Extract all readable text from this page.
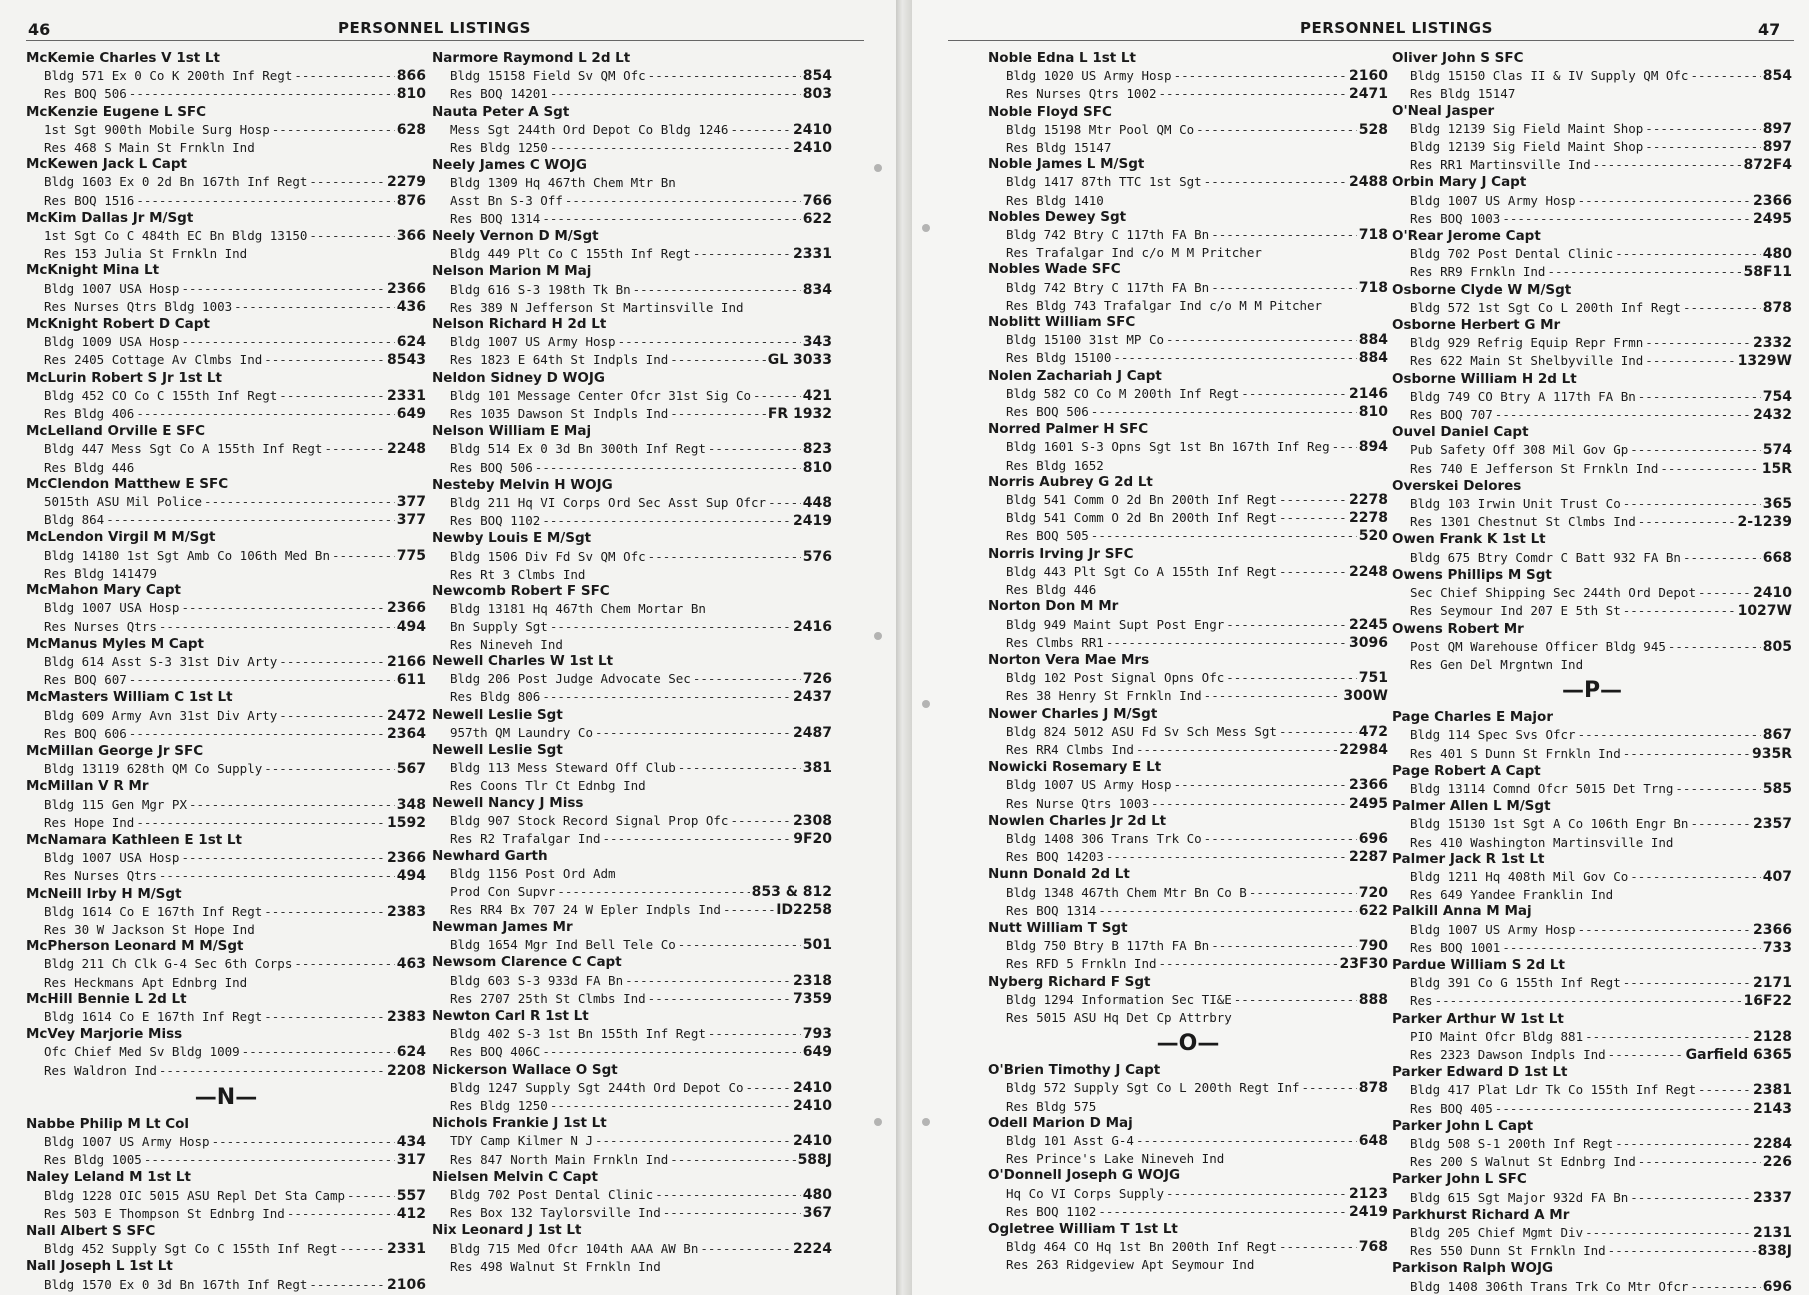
46	PERSONNEL LISTINGS
McKemie Charles V 1st Lt
Bldg 571 Ex 0 Co K 200th Inf Regt -----	866
Res BOQ 506 -----	810
McKenzie Eugene L SFC
1st Sgt 900th Mobile Surg Hosp -----	628
Res 468 S Main St Frnkln Ind
McKewen Jack L Capt
Bldg 1603 Ex 0 2d Bn 167th Inf Regt -----	2279
Res BOQ 1516 -----	876
McKim Dallas Jr M/Sgt
1st Sgt Co C 484th EC Bn Bldg 13150 -----	366
Res 153 Julia St Frnkln Ind
McKnight Mina Lt
Bldg 1007 USA Hosp -----	2366
Res Nurses Qtrs Bldg 1003 -----	436
McKnight Robert D Capt
Bldg 1009 USA Hosp -----	624
Res 2405 Cottage Av Clmbs Ind -----	8543
McLurin Robert S Jr 1st Lt
Bldg 452 CO Co C 155th Inf Regt -----	2331
Res Bldg 406 -----	649
McLelland Orville E SFC
Bldg 447 Mess Sgt Co A 155th Inf Regt -----	2248
Res Bldg 446
McClendon Matthew E SFC
5015th ASU Mil Police -----	377
Bldg 864 -----	377
McLendon Virgil M M/Sgt
Bldg 14180 1st Sgt Amb Co 106th Med Bn -----	775
Res Bldg 141479
McMahon Mary Capt
Bldg 1007 USA Hosp -----	2366
Res Nurses Qtrs -----	494
McManus Myles M Capt
Bldg 614 Asst S-3 31st Div Arty -----	2166
Res BOQ 607 -----	611
McMasters William C 1st Lt
Bldg 609 Army Avn 31st Div Arty -----	2472
Res BOQ 606 -----	2364
McMillan George Jr SFC
Bldg 13119 628th QM Co Supply -----	567
McMillan V R Mr
Bldg 115 Gen Mgr PX -----	348
Res Hope Ind -----	1592
McNamara Kathleen E 1st Lt
Bldg 1007 USA Hosp -----	2366
Res Nurses Qtrs -----	494
McNeill Irby H M/Sgt
Bldg 1614 Co E 167th Inf Regt -----	2383
Res 30 W Jackson St Hope Ind
McPherson Leonard M M/Sgt
Bldg 211 Ch Clk G-4 Sec 6th Corps -----	463
Res Heckmans Apt Ednbrg Ind
McHill Bennie L 2d Lt
Bldg 1614 Co E 167th Inf Regt -----	2383
McVey Marjorie Miss
Ofc Chief Med Sv Bldg 1009 -----	624
Res Waldron Ind -----	2208
—N—
Nabbe Philip M Lt Col
Bldg 1007 US Army Hosp -----	434
Res Bldg 1005 -----	317
Naley Leland M 1st Lt
Bldg 1228 OIC 5015 ASU Repl Det Sta Camp -----	557
Res 503 E Thompson St Ednbrg Ind -----	412
Nall Albert S SFC
Bldg 452 Supply Sgt Co C 155th Inf Regt -----	2331
Nall Joseph L 1st Lt
Bldg 1570 Ex 0 3d Bn 167th Inf Regt -----	2106
-----
Narmore Raymond L 2d Lt
Bldg 15158 Field Sv QM Ofc -----	854
Res BOQ 14201 -----	803
Nauta Peter A Sgt
Mess Sgt 244th Ord Depot Co Bldg 1246 -----	2410
Res Bldg 1250 -----	2410
Neely James C WOJG
Bldg 1309 Hq 467th Chem Mtr Bn
Asst Bn S-3 Off -----	766
Res BOQ 1314 -----	622
Neely Vernon D M/Sgt
Bldg 449 Plt Co C 155th Inf Regt -----	2331
Nelson Marion M Maj
Bldg 616 S-3 198th Tk Bn -----	834
Res 389 N Jefferson St Martinsville Ind
Nelson Richard H 2d Lt
Bldg 1007 US Army Hosp -----	343
Res 1823 E 64th St Indpls Ind -----	GL 3033
Neldon Sidney D WOJG
Bldg 101 Message Center Ofcr 31st Sig Co -----	421
Res 1035 Dawson St Indpls Ind -----	FR 1932
Nelson William E Maj
Bldg 514 Ex 0 3d Bn 300th Inf Regt -----	823
Res BOQ 506 -----	810
Nesteby Melvin H WOJG
Bldg 211 Hq VI Corps Ord Sec Asst Sup Ofcr -----	448
Res BOQ 1102 -----	2419
Newby Louis E M/Sgt
Bldg 1506 Div Fd Sv QM Ofc -----	576
Res Rt 3 Clmbs Ind
Newcomb Robert F SFC
Bldg 13181 Hq 467th Chem Mortar Bn
Bn Supply Sgt -----	2416
Res Nineveh Ind
Newell Charles W 1st Lt
Bldg 206 Post Judge Advocate Sec -----	726
Res Bldg 806 -----	2437
Newell Leslie Sgt
957th QM Laundry Co -----	2487
Newell Leslie Sgt
Bldg 113 Mess Steward Off Club -----	381
Res Coons Tlr Ct Ednbg Ind
Newell Nancy J Miss
Bldg 907 Stock Record Signal Prop Ofc -----	2308
Res R2 Trafalgar Ind -----	9F20
Newhard Garth
Bldg 1156 Post Ord Adm
Prod Con Supvr -----	853 & 812
Res RR4 Bx 707 24 W Epler Indpls Ind -----	ID2258
Newman James Mr
Bldg 1654 Mgr Ind Bell Tele Co -----	501
Newsom Clarence C Capt
Bldg 603 S-3 933d FA Bn -----	2318
Res 2707 25th St Clmbs Ind -----	7359
Newton Carl R 1st Lt
Bldg 402 S-3 1st Bn 155th Inf Regt -----	793
Res BOQ 406C -----	649
Nickerson Wallace O Sgt
Bldg 1247 Supply Sgt 244th Ord Depot Co -----	2410
Res Bldg 1250 -----	2410
Nichols Frankie J 1st Lt
TDY Camp Kilmer N J -----	2410
Res 847 North Main Frnkln Ind -----	588J
Nielsen Melvin C Capt
Bldg 702 Post Dental Clinic -----	480
Res Box 132 Taylorsville Ind -----	367
Nix Leonard J 1st Lt
Bldg 715 Med Ofcr 104th AAA AW Bn -----	2224
Res 498 Walnut St Frnkln Ind
PERSONNEL LISTINGS	47
Noble Edna L 1st Lt
Bldg 1020 US Army Hosp -----	2160
Res Nurses Qtrs 1002 -----	2471
Noble Floyd SFC
Bldg 15198 Mtr Pool QM Co -----	528
Res Bldg 15147
Noble James L M/Sgt
Bldg 1417 87th TTC 1st Sgt -----	2488
Res Bldg 1410
Nobles Dewey Sgt
Bldg 742 Btry C 117th FA Bn -----	718
Res Trafalgar Ind c/o M M Pritcher
Nobles Wade SFC
Bldg 742 Btry C 117th FA Bn -----	718
Res Bldg 743 Trafalgar Ind c/o M M Pitcher
Noblitt William SFC
Bldg 15100 31st MP Co -----	884
Res Bldg 15100 -----	884
Nolen Zachariah J Capt
Bldg 582 CO Co M 200th Inf Regt -----	2146
Res BOQ 506 -----	810
Norred Palmer H SFC
Bldg 1601 S-3 Opns Sgt 1st Bn 167th Inf Reg ----- 894
Res Bldg 1652
Norris Aubrey G 2d Lt
Bldg 541 Comm O 2d Bn 200th Inf Regt -----	2278
Bldg 541 Comm O 2d Bn 200th Inf Regt -----	2278
Res BOQ 505 -----	520
Norris Irving Jr SFC
Bldg 443 Plt Sgt Co A 155th Inf Regt -----	2248
Res Bldg 446
Norton Don M Mr
Bldg 949 Maint Supt Post Engr -----	2245
Res Clmbs RR1 -----	3096
Norton Vera Mae Mrs
Bldg 102 Post Signal Opns Ofc -----	751
Res 38 Henry St Frnkln Ind -----	300W
Nower Charles J M/Sgt
Bldg 824 5012 ASU Fd Sv Sch Mess Sgt -----	472
Res RR4 Clmbs Ind -----	22984
Nowicki Rosemary E Lt
Bldg 1007 US Army Hosp -----	2366
Res Nurse Qtrs 1003 -----	2495
Nowlen Charles Jr 2d Lt
Bldg 1408 306 Trans Trk Co -----	696
Res BOQ 14203 -----	2287
Nunn Donald 2d Lt
Bldg 1348 467th Chem Mtr Bn Co B -----	720
Res BOQ 1314 -----	622
Nutt William T Sgt
Bldg 750 Btry B 117th FA Bn -----	790
Res RFD 5 Frnkln Ind -----	23F30
Nyberg Richard F Sgt
Bldg 1294 Information Sec TI&E -----	888
Res 5015 ASU Hq Det Cp Attrbry
—O—
O'Brien Timothy J Capt
Bldg 572 Supply Sgt Co L 200th Regt Inf -----	878
Res Bldg 575
Odell Marion D Maj
Bldg 101 Asst G-4 -----	648
Res Prince's Lake Nineveh Ind
O'Donnell Joseph G WOJG
Hq Co VI Corps Supply -----	2123
Res BOQ 1102 -----	2419
Ogletree William T 1st Lt
Bldg 464 CO Hq 1st Bn 200th Inf Regt -----	768
Res 263 Ridgeview Apt Seymour Ind
Oliver John S SFC
Bldg 15150 Clas II & IV Supply QM Ofc -----	854
Res Bldg 15147
O'Neal Jasper
Bldg 12139 Sig Field Maint Shop -----	897
Bldg 12139 Sig Field Maint Shop -----	897
Res RR1 Martinsville Ind -----	872F4
Orbin Mary J Capt
Bldg 1007 US Army Hosp -----	2366
Res BOQ 1003 -----	2495
O'Rear Jerome Capt
Bldg 702 Post Dental Clinic -----	480
Res RR9 Frnkln Ind -----	58F11
Osborne Clyde W M/Sgt
Bldg 572 1st Sgt Co L 200th Inf Regt -----	878
Osborne Herbert G Mr
Bldg 929 Refrig Equip Repr Frmn -----	2332
Res 622 Main St Shelbyville Ind -----	1329W
Osborne William H 2d Lt
Bldg 749 CO Btry A 117th FA Bn -----	754
Res BOQ 707 -----	2432
Ouvel Daniel Capt
Pub Safety Off 308 Mil Gov Gp -----	574
Res 740 E Jefferson St Frnkln Ind -----	15R
Overskei Delores
Bldg 103 Irwin Unit Trust Co -----	365
Res 1301 Chestnut St Clmbs Ind -----	2-1239
Owen Frank K 1st Lt
Bldg 675 Btry Comdr C Batt 932 FA Bn -----	668
Owens Phillips M Sgt
Sec Chief Shipping Sec 244th Ord Depot -----	2410
Res Seymour Ind 207 E 5th St -----	1027W
Owens Robert Mr
Post QM Warehouse Officer Bldg 945 -----	805
Res Gen Del Mrgntwn Ind
—P—
Page Charles E Major
Bldg 114 Spec Svs Ofcr -----	867
Res 401 S Dunn St Frnkln Ind -----	935R
Page Robert A Capt
Bldg 13114 Comnd Ofcr 5015 Det Trng -----	585
Palmer Allen L M/Sgt
Bldg 15130 1st Sgt A Co 106th Engr Bn -----	2357
Res 410 Washington Martinsville Ind
Palmer Jack R 1st Lt
Bldg 1211 Hq 408th Mil Gov Co -----	407
Res 649 Yandee Franklin Ind
Palkill Anna M Maj
Bldg 1007 US Army Hosp -----	2366
Res BOQ 1001 -----	733
Pardue William S 2d Lt
Bldg 391 Co G 155th Inf Regt -----	2171
Res -----	16F22
Parker Arthur W 1st Lt
PIO Maint Ofcr Bldg 881 -----	2128
Res 2323 Dawson Indpls Ind -----	Garfield 6365
Parker Edward D 1st Lt
Bldg 417 Plat Ldr Tk Co 155th Inf Regt -----	2381
Res BOQ 405 -----	2143
Parker John L Capt
Bldg 508 S-1 200th Inf Regt -----	2284
Res 200 S Walnut St Ednbrg Ind -----	226
Parker John L SFC
Bldg 615 Sgt Major 932d FA Bn -----	2337
Parkhurst Richard A Mr
Bldg 205 Chief Mgmt Div -----	2131
Res 550 Dunn St Frnkln Ind -----	838J
Parkison Ralph WOJG
Bldg 1408 306th Trans Trk Co Mtr Ofcr -----	696
